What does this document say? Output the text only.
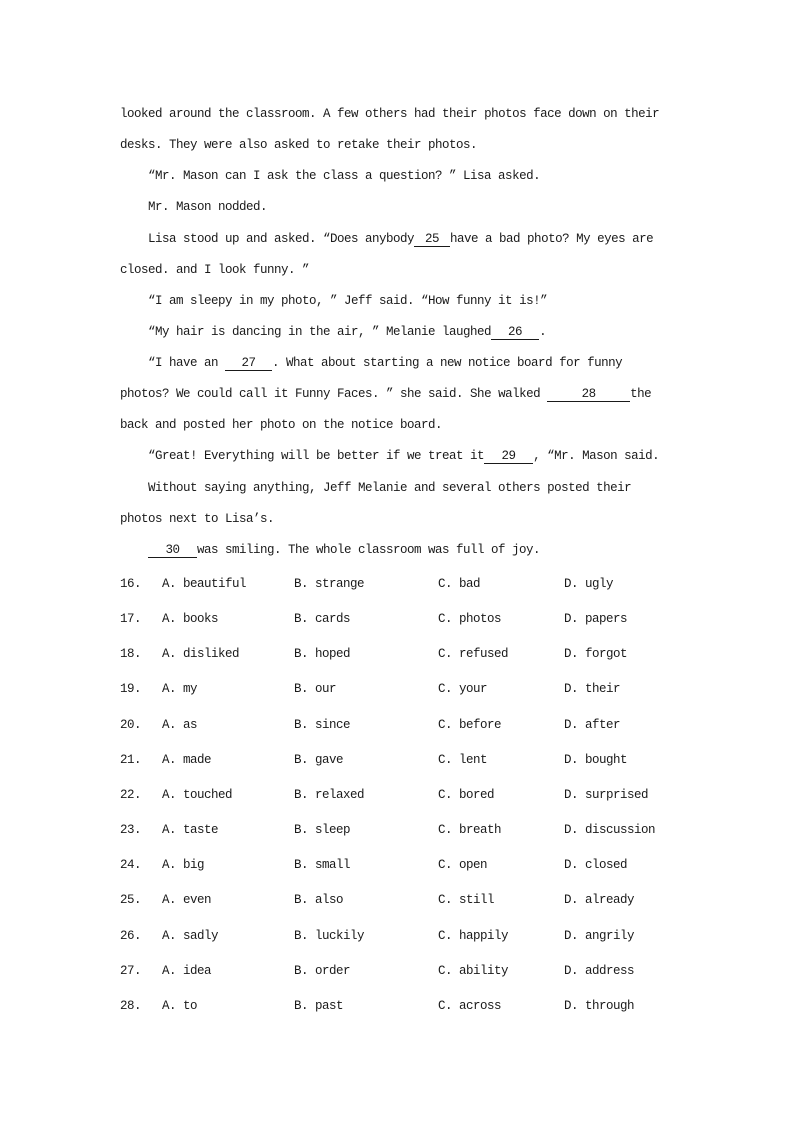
looked around the classroom. A few others had their photos face down on their
desks. They were also asked to retake their photos.
“Mr. Mason can I ask the class a question? ” Lisa asked.
Mr. Mason nodded.
Lisa stood up and asked. “Does anybody 25 have a bad photo? My eyes are
closed. and I look funny. ”
“I am sleepy in my photo, ” Jeff said. “How funny it is!”
“My hair is dancing in the air, ” Melanie laughed 26 .
“I have an 27 . What about starting a new notice board for funny
photos? We could call it Funny Faces. ” she said. She walked	28	the
back and posted her photo on the notice board.
“Great! Everything will be better if we treat it 29 , “Mr. Mason said.
Without saying anything, Jeff Melanie and several others posted their
photos next to Lisa’s.
30 was smiling. The whole classroom was full of joy.
16.	A. beautiful	B. strange	C. bad	D. ugly
17.	A. books	B. cards	C. photos	D. papers
18.	A. disliked	B. hoped	C. refused	D. forgot
19.	A. my	B. our	C. your	D. their
20.	A. as	B. since	C. before	D. after
21.	A. made	B. gave	C. lent	D. bought
22.	A. touched	B. relaxed	C. bored	D. surprised
23.	A. taste	B. sleep	C. breath	D. discussion
24.	A. big	B. small	C. open	D. closed
25.	A. even	B. also	C. still	D. already
26.	A. sadly	B. luckily	C. happily	D. angrily
27.	A. idea	B. order	C. ability	D. address
28.	A. to	B. past	C. across	D. through
